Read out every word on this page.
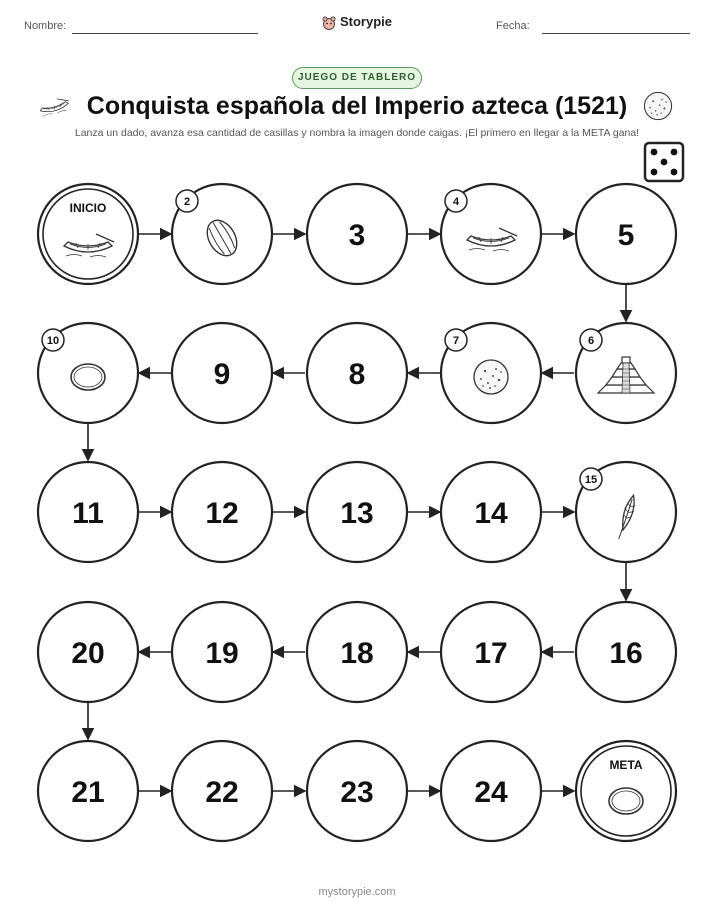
Nombre:	Storypie	Fecha:
JUEGO DE TABLERO
Conquista española del Imperio azteca (1521)
Lanza un dado, avanza esa cantidad de casillas y nombra la imagen donde caigas. ¡El primero en llegar a la META gana!
mystorypie.com
INICIO	2
3
4
5
6
7
8
9
10
11	12	13	14
15
16
17
18
19
20
21	22	23	24
META
